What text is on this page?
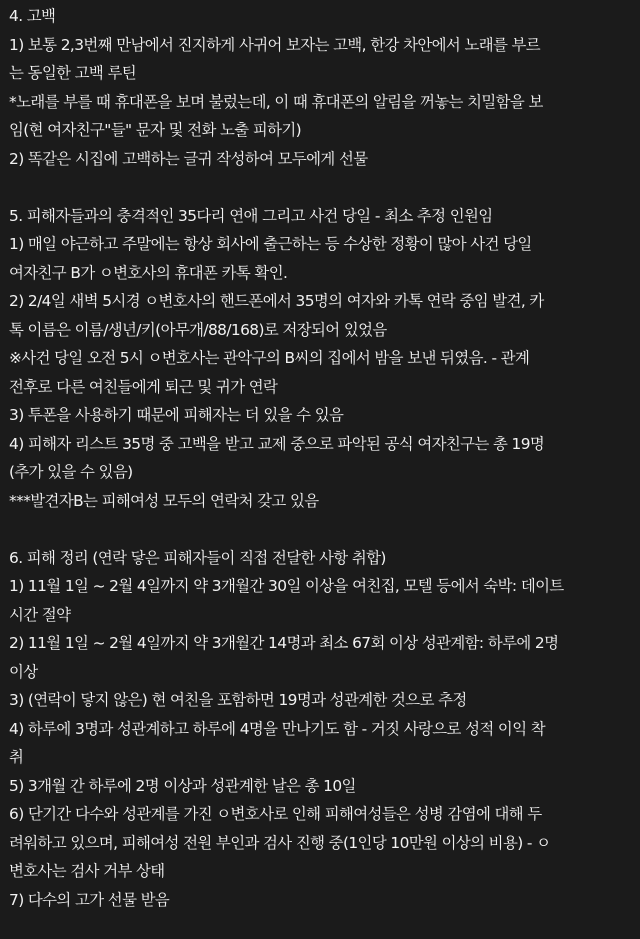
4. 고백
1) 보통 2,3번째 만남에서 진지하게 사귀어 보자는 고백, 한강 차안에서 노래를 부르
는 동일한 고백 루틴
*노래를 부를 때 휴대폰을 보며 불렀는데, 이 때 휴대폰의 알림을 꺼놓는 치밀함을 보
임(현 여자친구"들" 문자 및 전화 노출 피하기)
2) 똑같은 시집에 고백하는 글귀 작성하여 모두에게 선물
5. 피해자들과의 충격적인 35다리 연애 그리고 사건 당일 - 최소 추정 인원임
1) 매일 야근하고 주말에는 항상 회사에 출근하는 등 수상한 정황이 많아 사건 당일
여자친구 B가 ㅇ변호사의 휴대폰 카톡 확인.
2) 2/4일 새벽 5시경 ㅇ변호사의 핸드폰에서 35명의 여자와 카톡 연락 중임 발견, 카
톡 이름은 이름/생년/키(아무개/88/168)로 저장되어 있었음
※사건 당일 오전 5시 ㅇ변호사는 관악구의 B씨의 집에서 밤을 보낸 뒤였음. - 관계
전후로 다른 여친들에게 퇴근 및 귀가 연락
3) 투폰을 사용하기 때문에 피해자는 더 있을 수 있음
4) 피해자 리스트 35명 중 고백을 받고 교제 중으로 파악된 공식 여자친구는 총 19명
(추가 있을 수 있음)
***발견자B는 피해여성 모두의 연락처 갖고 있음
6. 피해 정리 (연락 닿은 피해자들이 직접 전달한 사항 취합)
1) 11월 1일 ~ 2월 4일까지 약 3개월간 30일 이상을 여친집, 모텔 등에서 숙박: 데이트
시간 절약
2) 11월 1일 ~ 2월 4일까지 약 3개월간 14명과 최소 67회 이상 성관계함: 하루에 2명
이상
3) (연락이 닿지 않은) 현 여친을 포함하면 19명과 성관계한 것으로 추정
4) 하루에 3명과 성관계하고 하루에 4명을 만나기도 함 - 거짓 사랑으로 성적 이익 착
취
5) 3개월 간 하루에 2명 이상과 성관계한 날은 총 10일
6) 단기간 다수와 성관계를 가진 ㅇ변호사로 인해 피해여성들은 성병 감염에 대해 두
려워하고 있으며, 피해여성 전원 부인과 검사 진행 중(1인당 10만원 이상의 비용) - ㅇ
변호사는 검사 거부 상태
7) 다수의 고가 선물 받음
